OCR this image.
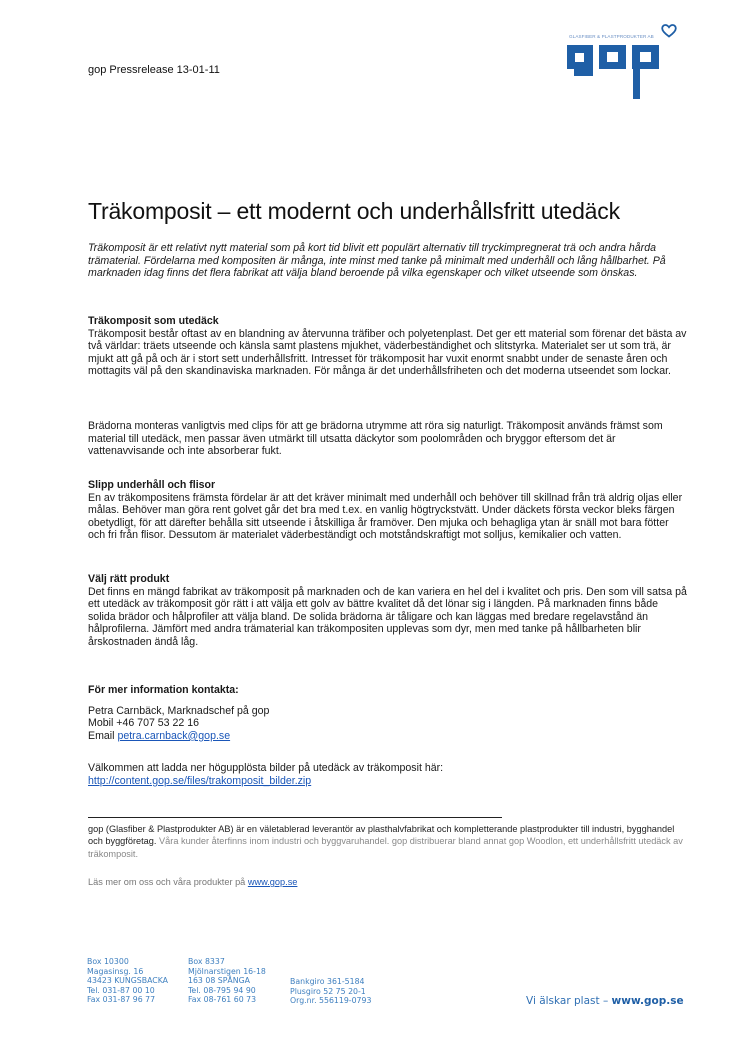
gop Pressrelease 13-01-11
GLASFIBER & PLASTPRODUKTER AB
Träkomposit – ett modernt och underhållsfritt utedäck

Träkomposit är ett relativt nytt material som på kort tid blivit ett populärt alternativ till tryckimpregnerat trä och andra hårda trämaterial. Fördelarna med kompositen är många, inte minst med tanke på minimalt med underhåll och lång hållbarhet. På marknaden idag finns det flera fabrikat att välja bland beroende på vilka egenskaper och vilket utseende som önskas.

Träkomposit som utedäck

Träkomposit består oftast av en blandning av återvunna träfiber och polyetenplast. Det ger ett material som förenar det bästa av två världar: träets utseende och känsla samt plastens mjukhet, väderbeständighet och slitstyrka. Materialet ser ut som trä, är mjukt att gå på och är i stort sett underhållsfritt. Intresset för träkomposit har vuxit enormt snabbt under de senaste åren och mottagits väl på den skandinaviska marknaden. För många är det underhållsfriheten och det moderna utseendet som lockar.

Brädorna monteras vanligtvis med clips för att ge brädorna utrymme att röra sig naturligt. Träkomposit används främst som material till utedäck, men passar även utmärkt till utsatta däckytor som poolområden och bryggor eftersom det är vattenavvisande och inte absorberar fukt.

Slipp underhåll och flisor

En av träkompositens främsta fördelar är att det kräver minimalt med underhåll och behöver till skillnad från trä aldrig oljas eller målas. Behöver man göra rent golvet går det bra med t.ex. en vanlig högtryckstvätt. Under däckets första veckor bleks färgen obetydligt, för att därefter behålla sitt utseende i åtskilliga år framöver. Den mjuka och behagliga ytan är snäll mot bara fötter och fri från flisor. Dessutom är materialet väderbeständigt och motståndskraftigt mot solljus, kemikalier och vatten.

Välj rätt produkt

Det finns en mängd fabrikat av träkomposit på marknaden och de kan variera en hel del i kvalitet och pris. Den som vill satsa på ett utedäck av träkomposit gör rätt i att välja ett golv av bättre kvalitet då det lönar sig i längden. På marknaden finns både solida brädor och hålprofiler att välja bland. De solida brädorna är tåligare och kan läggas med bredare regelavstånd än hålprofilerna. Jämfört med andra trämaterial kan träkompositen upplevas som dyr, men med tanke på hållbarheten blir årskostnaden ändå låg.

För mer information kontakta:

Petra Carnbäck, Marknadschef på gop
Mobil +46 707 53 22 16
Email petra.carnback@gop.se

Välkommen att ladda ner högupplösta bilder på utedäck av träkomposit här:
http://content.gop.se/files/trakomposit_bilder.zip
gop (Glasfiber & Plastprodukter AB) är en väletablerad leverantör av plasthalvfabrikat och kompletterande plastprodukter till industri, bygghandel och byggföretag. Våra kunder återfinns inom industri och byggvaruhandel. gop distribuerar bland annat gop Woodlon, ett underhållsfritt utedäck av träkomposit.
Läs mer om oss och våra produkter på www.gop.se
Box 10300
Magasinsg. 16
43423 KUNGSBACKA
Tel. 031-87 00 10
Fax 031-87 96 77
Box 8337
Mjölnarstigen 16-18
163 08 SPÅNGA
Tel. 08-795 94 90
Fax 08-761 60 73
Bankgiro 361-5184
Plusgiro 52 75 20-1
Org.nr. 556119-0793	Vi älskar plast – www.gop.se
